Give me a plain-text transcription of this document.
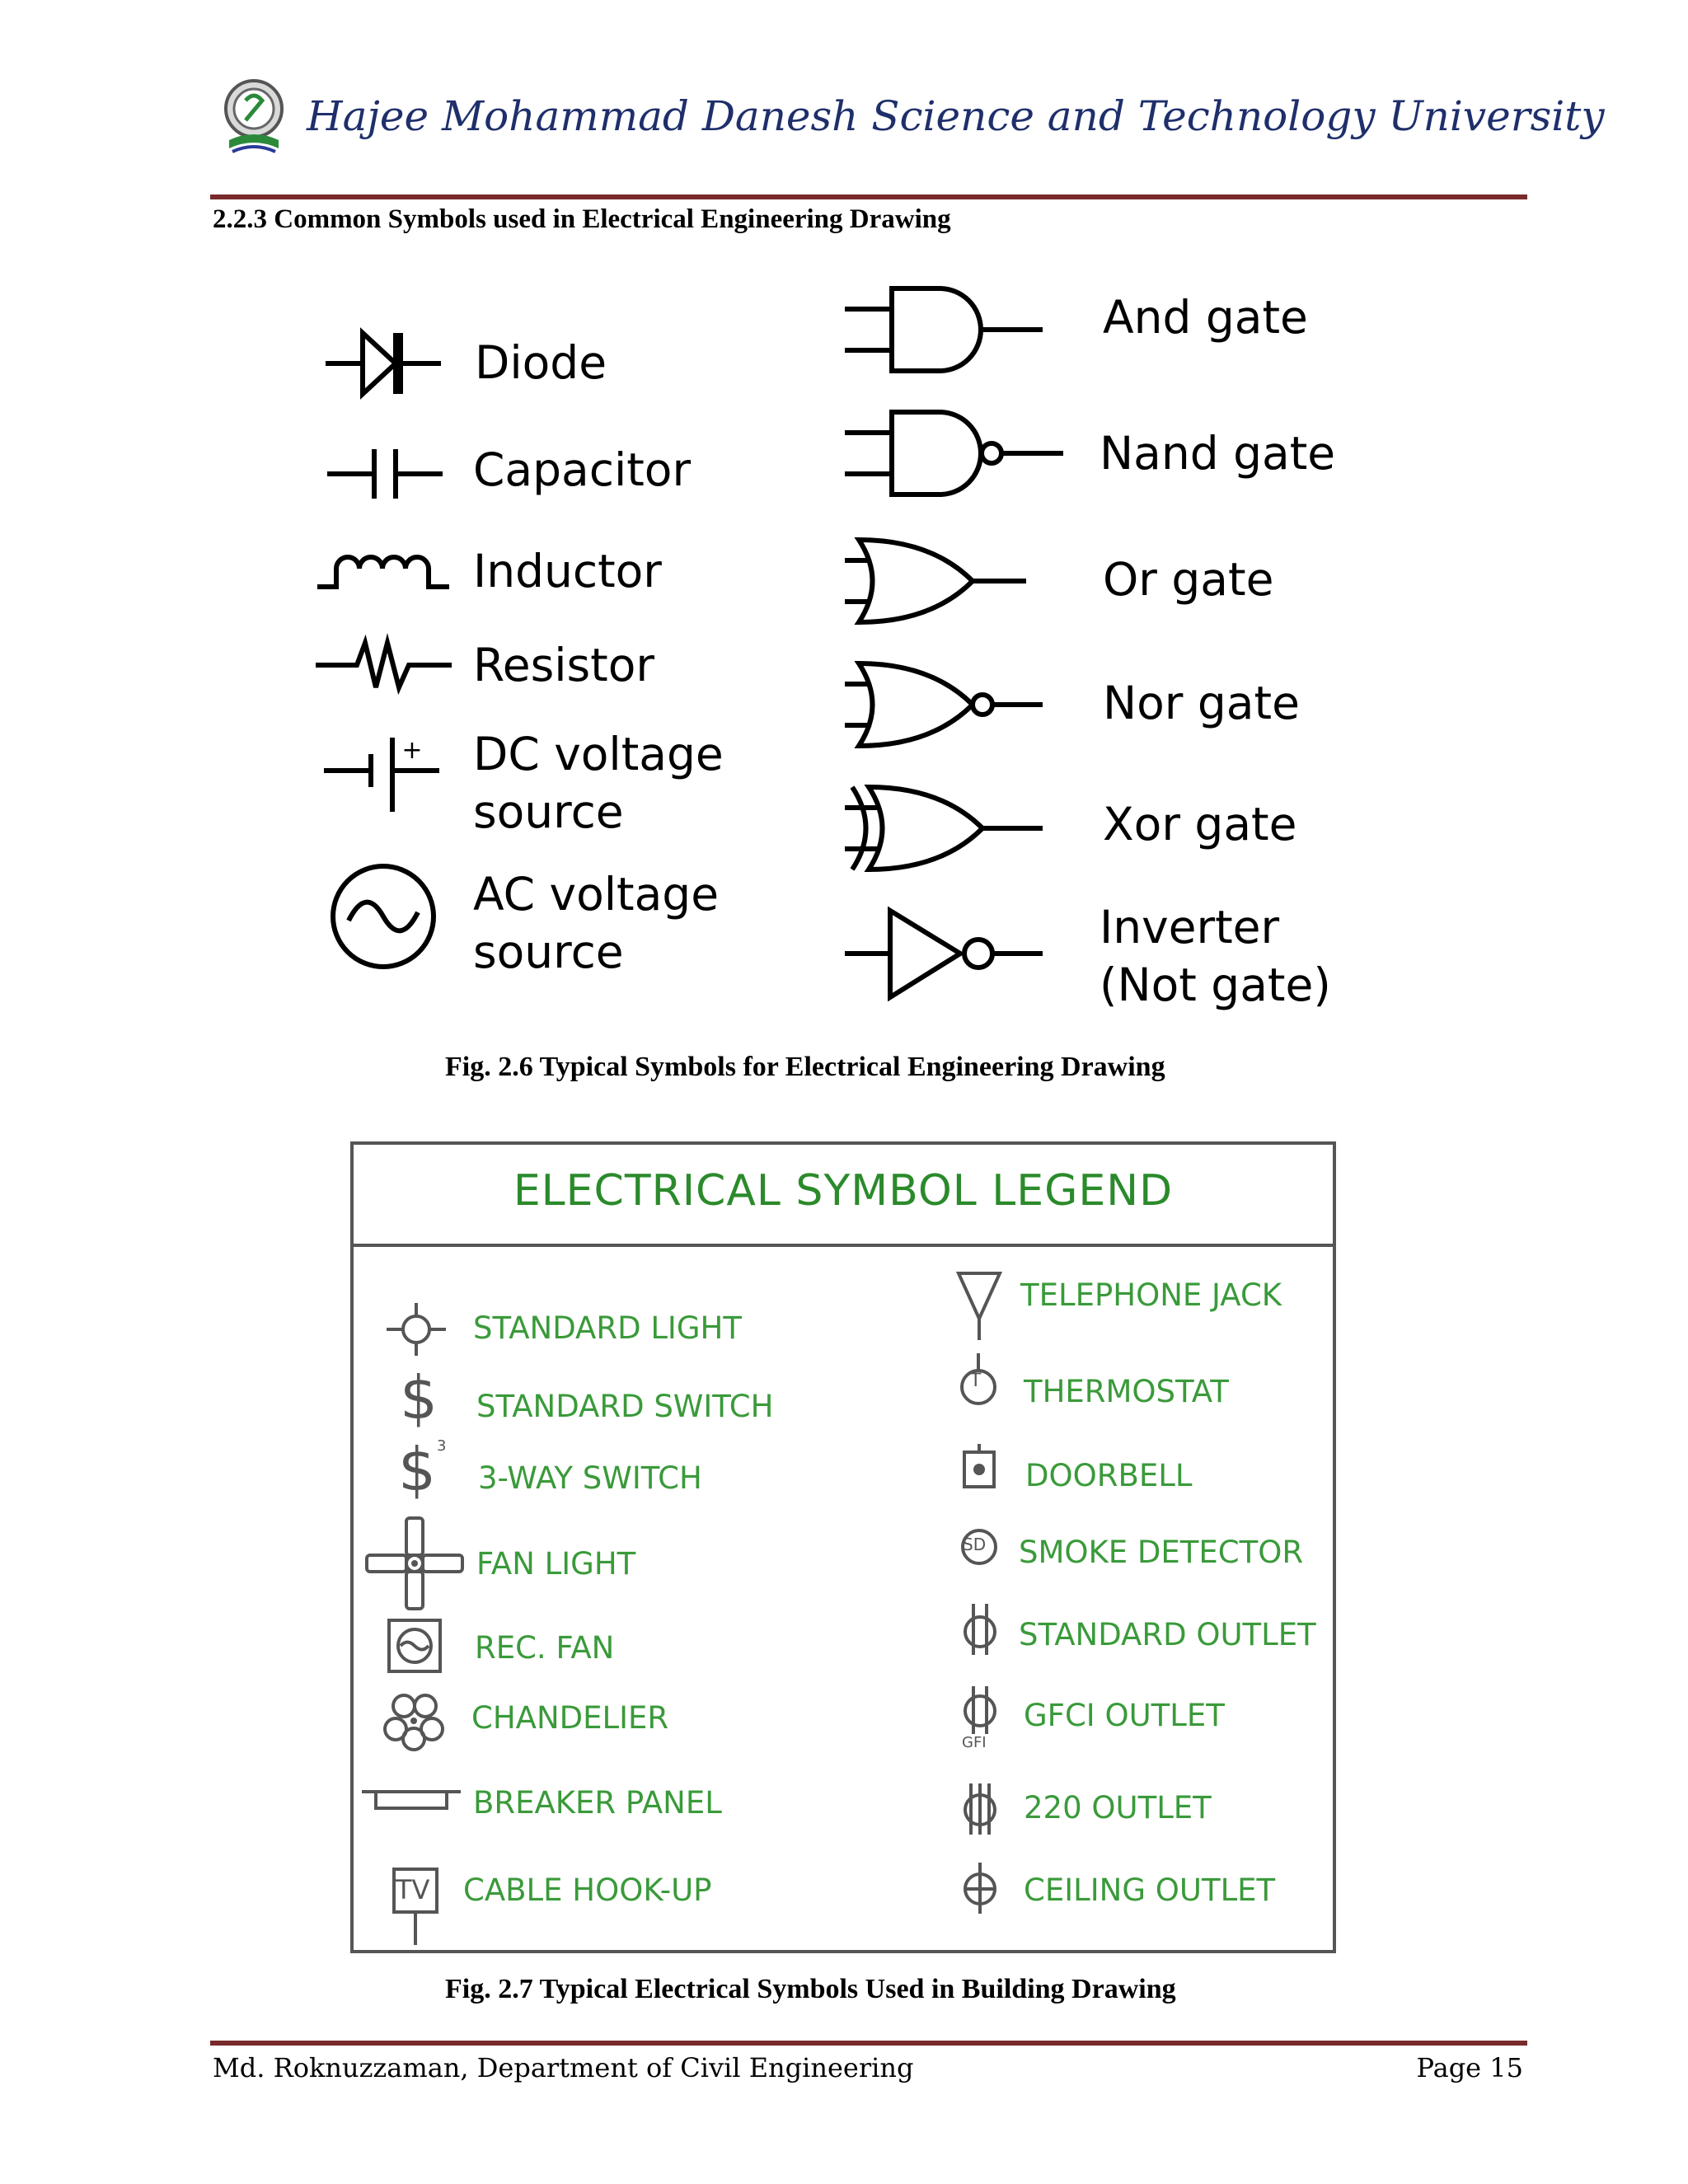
Hajee Mohammad Danesh Science and Technology University
2.2.3 Common Symbols used in Electrical Engineering Drawing
Diode
Capacitor
Inductor
Resistor
+ DC voltage
source
AC voltage
source
And gate
Nand gate
Or gate
Nor gate
Xor gate
Inverter
(Not gate)
Fig. 2.6 Typical Symbols for Electrical Engineering Drawing
ELECTRICAL SYMBOL LEGEND
STANDARD LIGHT
$ STANDARD SWITCH
$ 3
3-WAY SWITCH
FAN LIGHT
REC. FAN
CHANDELIER
BREAKER PANEL
TV CABLE HOOK-UP
TELEPHONE JACK
T THERMOSTAT
DOORBELL
SD SMOKE DETECTOR
STANDARD OUTLET
GFI
GFCI OUTLET
220 OUTLET
CEILING OUTLET
Fig. 2.7 Typical Electrical Symbols Used in Building Drawing
Md. Roknuzzaman, Department of Civil Engineering	Page 15
